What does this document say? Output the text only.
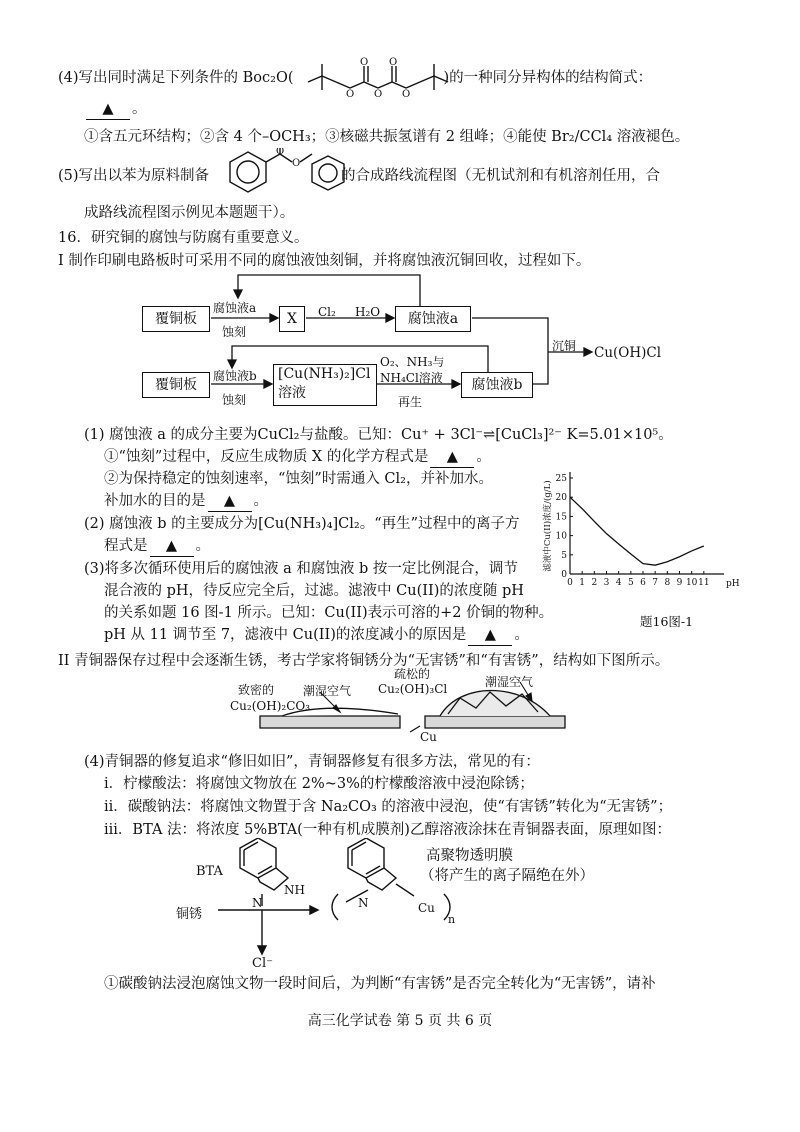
(4)写出同时满足下列条件的 Boc₂O(	)的一种同分异构体的结构简式：
O O
O O O
▲ 。
①含五元环结构；②含 4 个–OCH₃；③核磁共振氢谱有 2 组峰；④能使 Br₂/CCl₄ 溶液褪色。
(5)写出以苯为原料制备	的合成路线流程图（无机试剂和有机溶剂任用，合
O
O
成路线流程图示例见本题题干）。
16．研究铜的腐蚀与防腐有重要意义。
I 制作印刷电路板时可采用不同的腐蚀液蚀刻铜，并将腐蚀液沉铜回收，过程如下。
覆铜板
腐蚀液a
蚀刻
X	Cl₂ H₂O	腐蚀液a
沉铜 Cu(OH)Cl
覆铜板
腐蚀液b
蚀刻
[Cu(NH₃)₂]Cl
溶液
O₂、NH₃与
NH₄Cl溶液
再生
腐蚀液b
(1) 腐蚀液 a 的成分主要为CuCl₂与盐酸。已知：Cu⁺ + 3Cl⁻⇌[CuCl₃]²⁻ K=5.01×10⁵。
①“蚀刻”过程中，反应生成物质 X 的化学方程式是 ▲ 。
②为保持稳定的蚀刻速率，“蚀刻”时需通入 Cl₂，并补加水。
补加水的目的是 ▲ 。
(2) 腐蚀液 b 的主要成分为[Cu(NH₃)₄]Cl₂。“再生”过程中的离子方
程式是 ▲ 。
(3)将多次循环使用后的腐蚀液 a 和腐蚀液 b 按一定比例混合，调节
混合液的 pH，待反应完全后，过滤。滤液中 Cu(II)的浓度随 pH
的关系如题 16 图-1 所示。已知：Cu(II)表示可溶的+2 价铜的物种。
pH 从 11 调节至 7，滤液中 Cu(II)的浓度减小的原因是 ▲ 。
0 1 2 3 4 5 6 7 8 9 10 11
0
5
10
15
20
25
pH
滤液中Cu(II)浓度/(g/L)
题16图-1
II 青铜器保存过程中会逐渐生锈，考古学家将铜锈分为“无害锈”和“有害锈”，结构如下图所示。
致密的
Cu₂(OH)₂CO₃
潮湿空气
疏松的
Cu₂(OH)₃Cl	潮湿空气
Cu
(4)青铜器的修复追求“修旧如旧”，青铜器修复有很多方法，常见的有：
i．柠檬酸法：将腐蚀文物放在 2%~3%的柠檬酸溶液中浸泡除锈；
ii．碳酸钠法：将腐蚀文物置于含 Na₂CO₃ 的溶液中浸泡，使“有害锈”转化为“无害锈”；
iii．BTA 法：将浓度 5%BTA(一种有机成膜剂)乙醇溶液涂抹在青铜器表面，原理如图：
BTA
NH
N
铜锈
N	Cu
n
Cl⁻
高聚物透明膜
（将产生的离子隔绝在外）
①碳酸钠法浸泡腐蚀文物一段时间后，为判断“有害锈”是否完全转化为“无害锈”，请补
高三化学试卷 第 5 页 共 6 页
